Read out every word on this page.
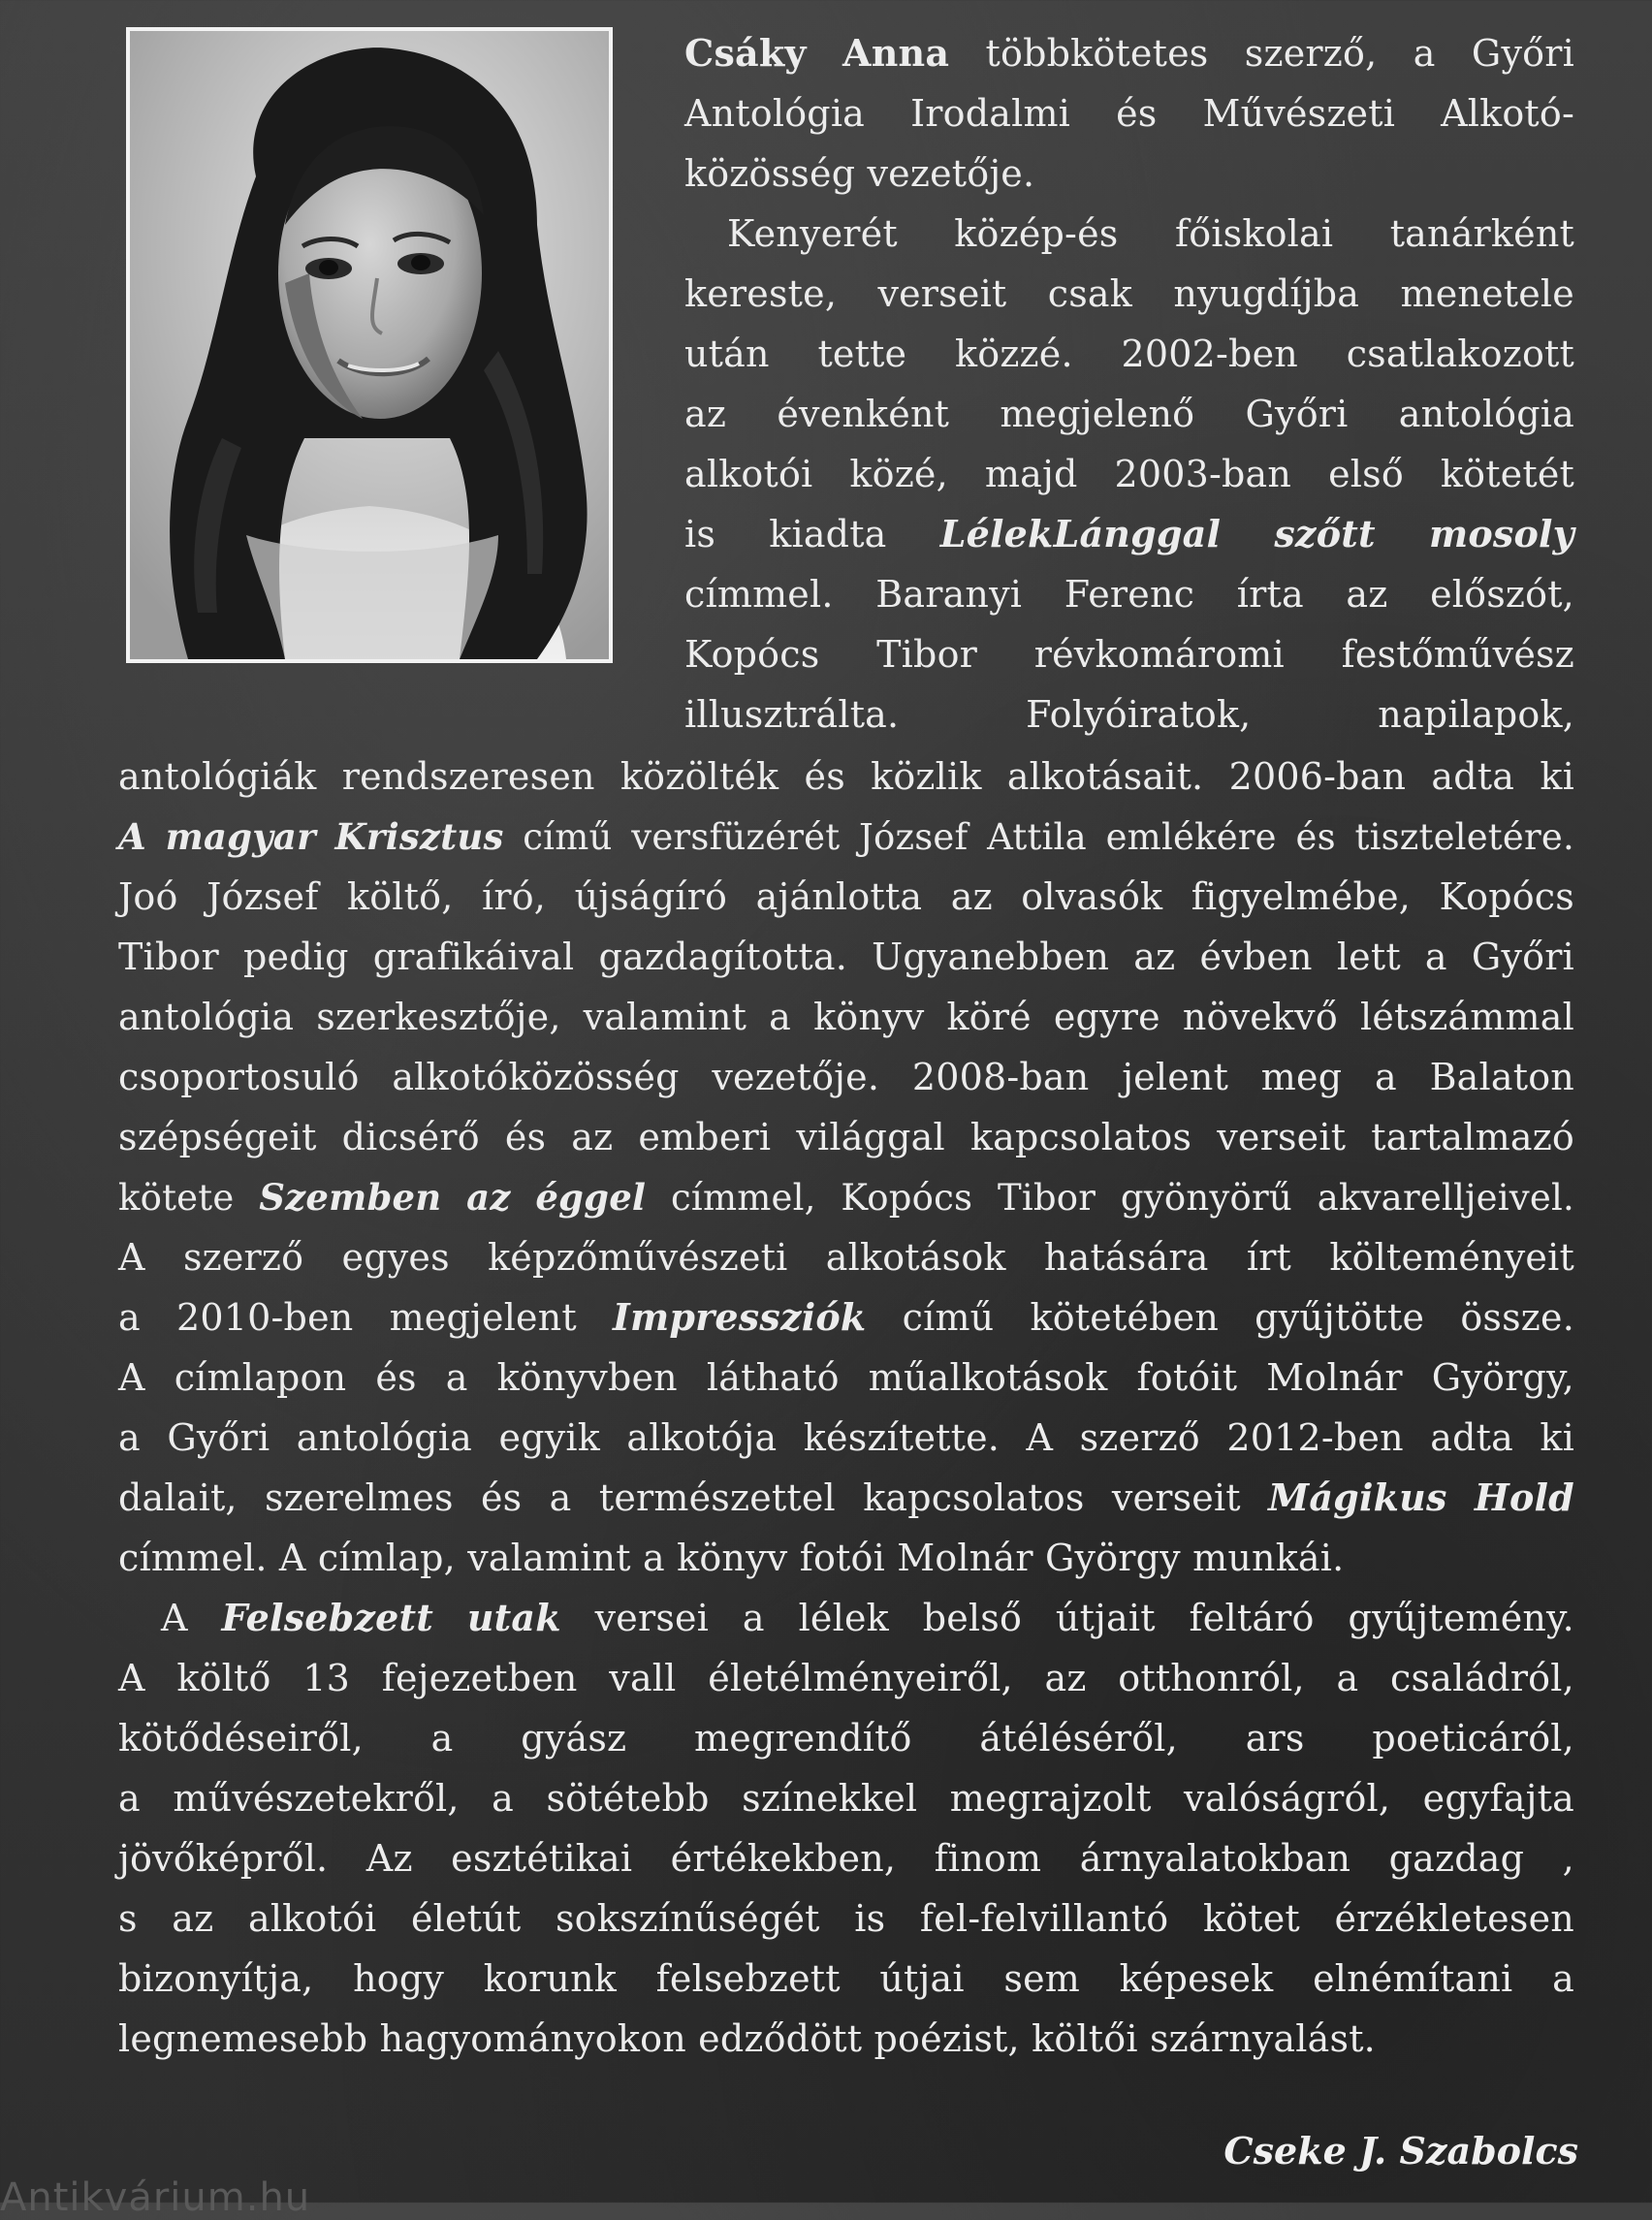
Csáky Anna többkötetes szerző, a Győri
Antológia Irodalmi és Művészeti Alkotó-
közösség
vezetője.
Kenyerét közép-és főiskolai tanárként
kereste, verseit csak nyugdíjba menetele
után tette közzé. 2002-ben csatlakozott
az évenként megjelenő Győri antológia
alkotói közé, majd 2003-ban első kötetét
is kiadta LélekLánggal szőtt mosoly
címmel. Baranyi Ferenc írta az előszót,
Kopócs Tibor révkomáromi festőművész
illusztrálta.	Folyóiratok,	napilapok,
antológiák rendszeresen közölték és közlik alkotásait. 2006-ban adta ki
A magyar Krisztus című versfüzérét József Attila emlékére és tiszteletére.
Joó József költő, író, újságíró ajánlotta az olvasók figyelmébe, Kopócs
Tibor pedig grafikáival gazdagította. Ugyanebben az évben lett a Győri
antológia szerkesztője, valamint a könyv köré egyre növekvő létszámmal
csoportosuló alkotóközösség vezetője. 2008-ban jelent meg a Balaton
szépségeit dicsérő és az emberi világgal kapcsolatos verseit tartalmazó
kötete Szemben az éggel címmel, Kopócs Tibor gyönyörű akvarelljeivel.
A szerző egyes képzőművészeti alkotások hatására írt költeményeit
a 2010-ben megjelent Impressziók című kötetében gyűjtötte össze.
A címlapon és a könyvben látható műalkotások fotóit Molnár György,
a Győri antológia egyik alkotója készítette. A szerző 2012-ben adta ki
dalait, szerelmes és a természettel kapcsolatos verseit Mágikus Hold
címmel.
A
címlap,
valamint
a
könyv
fotói
Molnár
György
munkái.
A Felsebzett utak versei a lélek belső útjait feltáró gyűjtemény.
A költő 13 fejezetben vall életélményeiről, az otthonról, a családról,
kötődéseiről, a gyász megrendítő átéléséről, ars poeticáról,
a művészetekről, a sötétebb színekkel megrajzolt valóságról, egyfajta
jövőképről. Az esztétikai értékekben, finom árnyalatokban gazdag ,
s az alkotói életút sokszínűségét is fel-felvillantó kötet érzékletesen
bizonyítja, hogy korunk felsebzett útjai sem képesek elnémítani a
legnemesebb
hagyományokon
edződött
poézist,
költői
szárnyalást.
Cseke J. Szabolcs
Antikvárium.hu
